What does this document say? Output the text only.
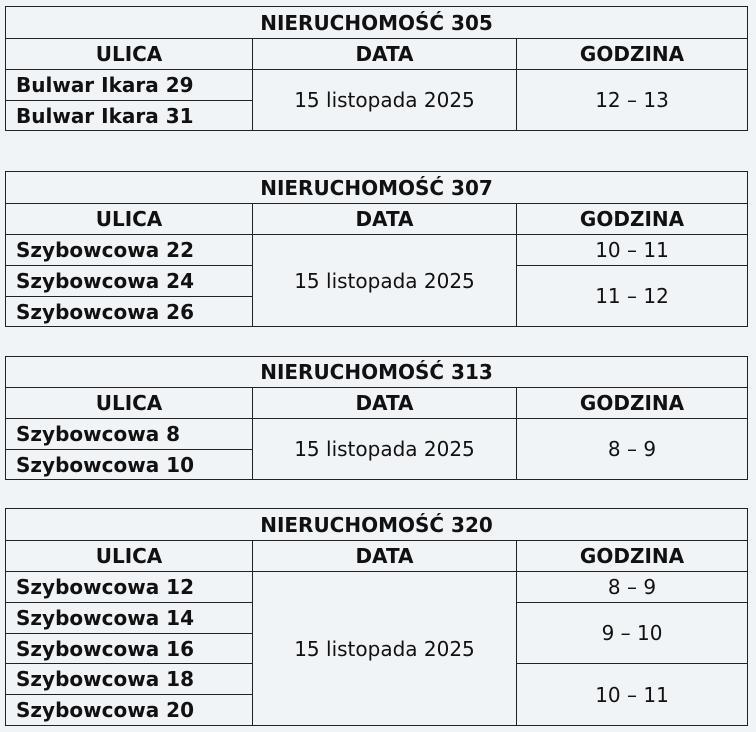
NIERUCHOMOŚĆ 305		
ULICA	DATA	GODZINA
Bulwar Ikara 29	15 listopada 2025	12 – 13
Bulwar Ikara 31		
NIERUCHOMOŚĆ 307		
ULICA	DATA	GODZINA
Szybowcowa 22	15 listopada 2025	10 – 11
Szybowcowa 24		11 – 12
Szybowcowa 26		
NIERUCHOMOŚĆ 313		
ULICA	DATA	GODZINA
Szybowcowa 8	15 listopada 2025	8 – 9
Szybowcowa 10		
NIERUCHOMOŚĆ 320		
ULICA	DATA	GODZINA
Szybowcowa 12	15 listopada 2025	8 – 9
Szybowcowa 14		9 – 10
Szybowcowa 16		
Szybowcowa 18		10 – 11
Szybowcowa 20		
